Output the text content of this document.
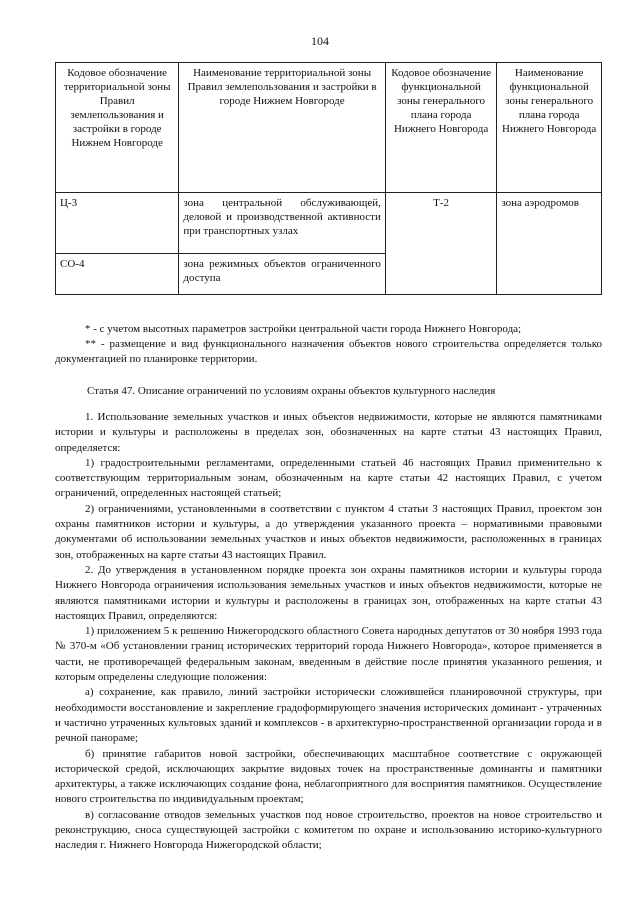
104
Кодовое обозначение территориальной зоны Правил землепользования и застройки в городе Нижнем Новгороде	Наименование территориальной зоны Правил землепользования и застройки в городе Нижнем Новгороде	Кодовое обозначение функциональной зоны генерального плана города Нижнего Новгорода	Наименование функциональной зоны генерального плана города Нижнего Новгорода
Ц-3	зона центральной обслуживающей, деловой и производственной активности при транспортных узлах	Т-2	зона аэродромов
СО-4	зона режимных объектов ограниченного доступа		

* - с учетом высотных параметров застройки центральной части города Нижнего Новгорода;

** - размещение и вид функционального назначения объектов нового строительства определяется только документацией по планировке территории.

Статья 47. Описание ограничений по условиям охраны объектов культурного наследия

1. Использование земельных участков и иных объектов недвижимости, которые не являются памятниками истории и культуры и расположены в пределах зон, обозначенных на карте статьи 43 настоящих Правил, определяется:

1) градостроительными регламентами, определенными статьей 46 настоящих Правил применительно к соответствующим территориальным зонам, обозначенным на карте статьи 42 настоящих Правил, с учетом ограничений, определенных настоящей статьей;

2) ограничениями, установленными в соответствии с пунктом 4 статьи 3 настоящих Правил, проектом зон охраны памятников истории и культуры, а до утверждения указанного проекта – нормативными правовыми документами об использовании земельных участков и иных объектов недвижимости, расположенных в границах зон, отображенных на карте статьи 43 настоящих Правил.

2. До утверждения в установленном порядке проекта зон охраны памятников истории и культуры города Нижнего Новгорода ограничения использования земельных участков и иных объектов недвижимости, которые не являются памятниками истории и культуры и расположены в границах зон, отображенных на карте статьи 43 настоящих Правил, определяются:

1) приложением 5 к решению Нижегородского областного Совета народных депутатов от 30 ноября 1993 года № 370-м «Об установлении границ исторических территорий города Нижнего Новгорода», которое применяется в части, не противоречащей федеральным законам, введенным в действие после принятия указанного решения, и которым определены следующие положения:

а) сохранение, как правило, линий застройки исторически сложившейся планировочной структуры, при необходимости восстановление и закрепление градоформирующего значения исторических доминант - утраченных и частично утраченных культовых зданий и комплексов - в архитектурно-пространственной организации города и в речной панораме;

б) принятие габаритов новой застройки, обеспечивающих масштабное соответствие с окружающей исторической средой, исключающих закрытие видовых точек на пространственные доминанты и памятники архитектуры, а также исключающих создание фона, неблагоприятного для восприятия памятников. Осуществление нового строительства по индивидуальным проектам;

в) согласование отводов земельных участков под новое строительство, проектов на новое строительство и реконструкцию, сноса существующей застройки с комитетом по охране и использованию историко-культурного наследия г. Нижнего Новгорода Нижегородской области;
